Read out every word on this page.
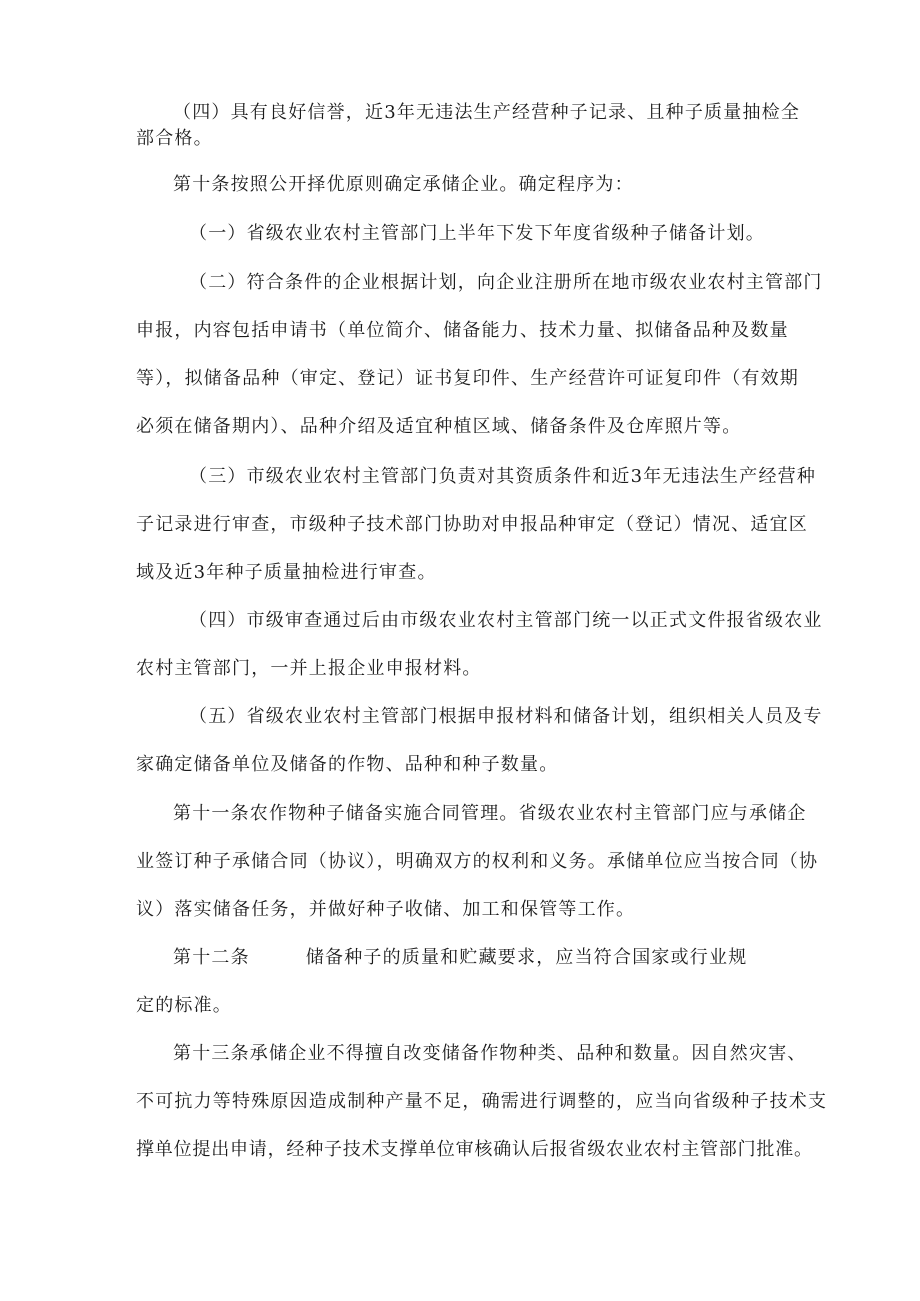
（四）具有良好信誉，近3年无违法生产经营种子记录、且种子质量抽检全
部合格。
第十条按照公开择优原则确定承储企业。确定程序为：
（一）省级农业农村主管部门上半年下发下年度省级种子储备计划。
（二）符合条件的企业根据计划，向企业注册所在地市级农业农村主管部门
申报，内容包括申请书（单位简介、储备能力、技术力量、拟储备品种及数量
等），拟储备品种（审定、登记）证书复印件、生产经营许可证复印件（有效期
必须在储备期内）、品种介绍及适宜种植区域、储备条件及仓库照片等。
（三）市级农业农村主管部门负责对其资质条件和近3年无违法生产经营种
子记录进行审查，市级种子技术部门协助对申报品种审定（登记）情况、适宜区
域及近3年种子质量抽检进行审查。
（四）市级审查通过后由市级农业农村主管部门统一以正式文件报省级农业
农村主管部门，一并上报企业申报材料。
（五）省级农业农村主管部门根据申报材料和储备计划，组织相关人员及专
家确定储备单位及储备的作物、品种和种子数量。
第十一条农作物种子储备实施合同管理。省级农业农村主管部门应与承储企
业签订种子承储合同（协议），明确双方的权利和义务。承储单位应当按合同（协
议）落实储备任务，并做好种子收储、加工和保管等工作。
第十二条	储备种子的质量和贮藏要求，应当符合国家或行业规
定的标准。
第十三条承储企业不得擅自改变储备作物种类、品种和数量。因自然灾害、
不可抗力等特殊原因造成制种产量不足，确需进行调整的，应当向省级种子技术支
撑单位提出申请，经种子技术支撑单位审核确认后报省级农业农村主管部门批准。
